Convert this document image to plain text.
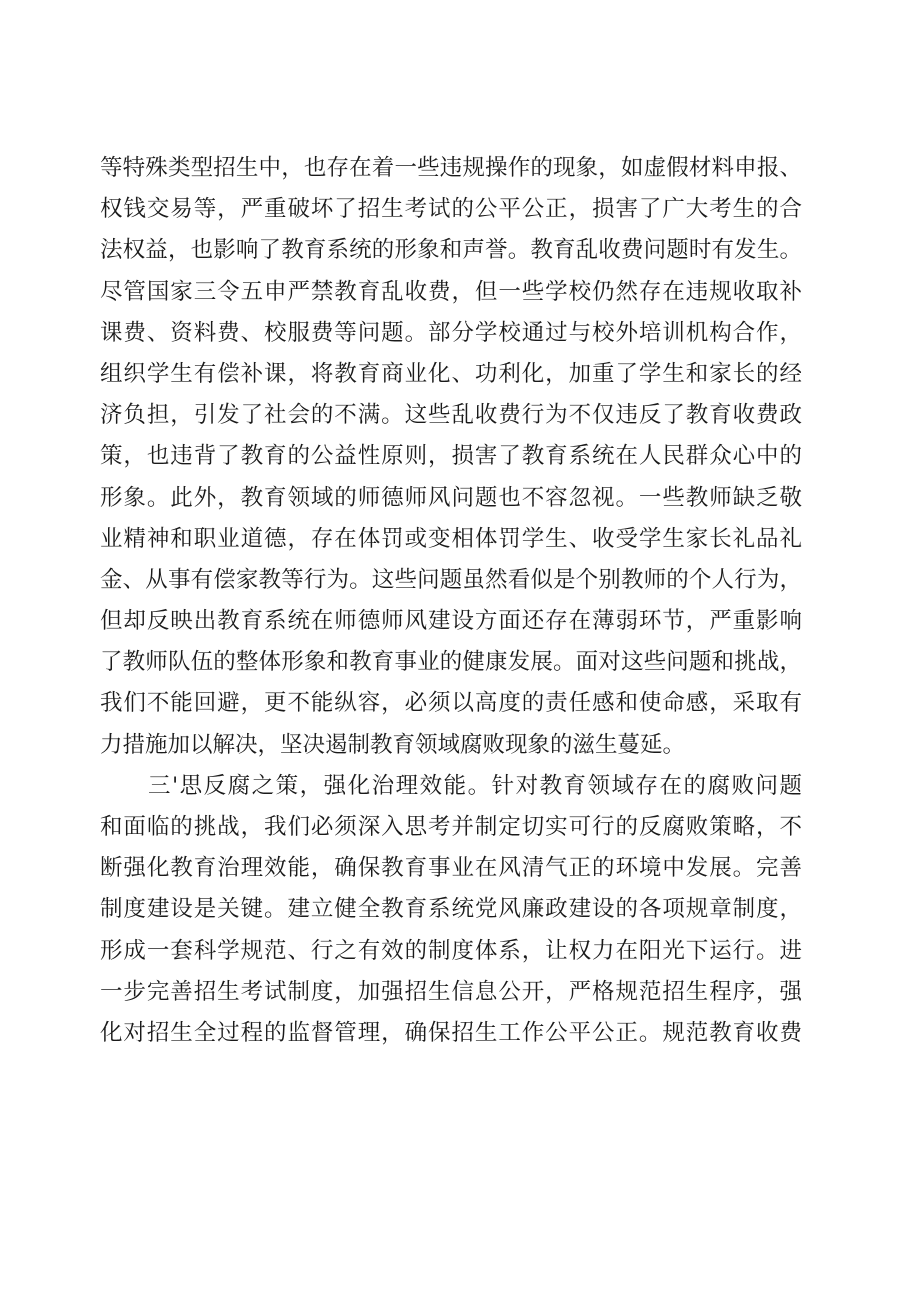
等特殊类型招生中，也存在着一些违规操作的现象，如虚假材料申报、
权钱交易等，严重破坏了招生考试的公平公正，损害了广大考生的合
法权益，也影响了教育系统的形象和声誉。教育乱收费问题时有发生。
尽管国家三令五申严禁教育乱收费，但一些学校仍然存在违规收取补
课费、资料费、校服费等问题。部分学校通过与校外培训机构合作，
组织学生有偿补课，将教育商业化、功利化，加重了学生和家长的经
济负担，引发了社会的不满。这些乱收费行为不仅违反了教育收费政
策，也违背了教育的公益性原则，损害了教育系统在人民群众心中的
形象。此外，教育领域的师德师风问题也不容忽视。一些教师缺乏敬
业精神和职业道德，存在体罚或变相体罚学生、收受学生家长礼品礼
金、从事有偿家教等行为。这些问题虽然看似是个别教师的个人行为，
但却反映出教育系统在师德师风建设方面还存在薄弱环节，严重影响
了教师队伍的整体形象和教育事业的健康发展。面对这些问题和挑战，
我们不能回避，更不能纵容，必须以高度的责任感和使命感，采取有
力措施加以解决，坚决遏制教育领域腐败现象的滋生蔓延。
　　三'思反腐之策，强化治理效能。针对教育领域存在的腐败问题
和面临的挑战，我们必须深入思考并制定切实可行的反腐败策略，不
断强化教育治理效能，确保教育事业在风清气正的环境中发展。完善
制度建设是关键。建立健全教育系统党风廉政建设的各项规章制度，
形成一套科学规范、行之有效的制度体系，让权力在阳光下运行。进
一步完善招生考试制度，加强招生信息公开，严格规范招生程序，强
化对招生全过程的监督管理，确保招生工作公平公正。规范教育收费
